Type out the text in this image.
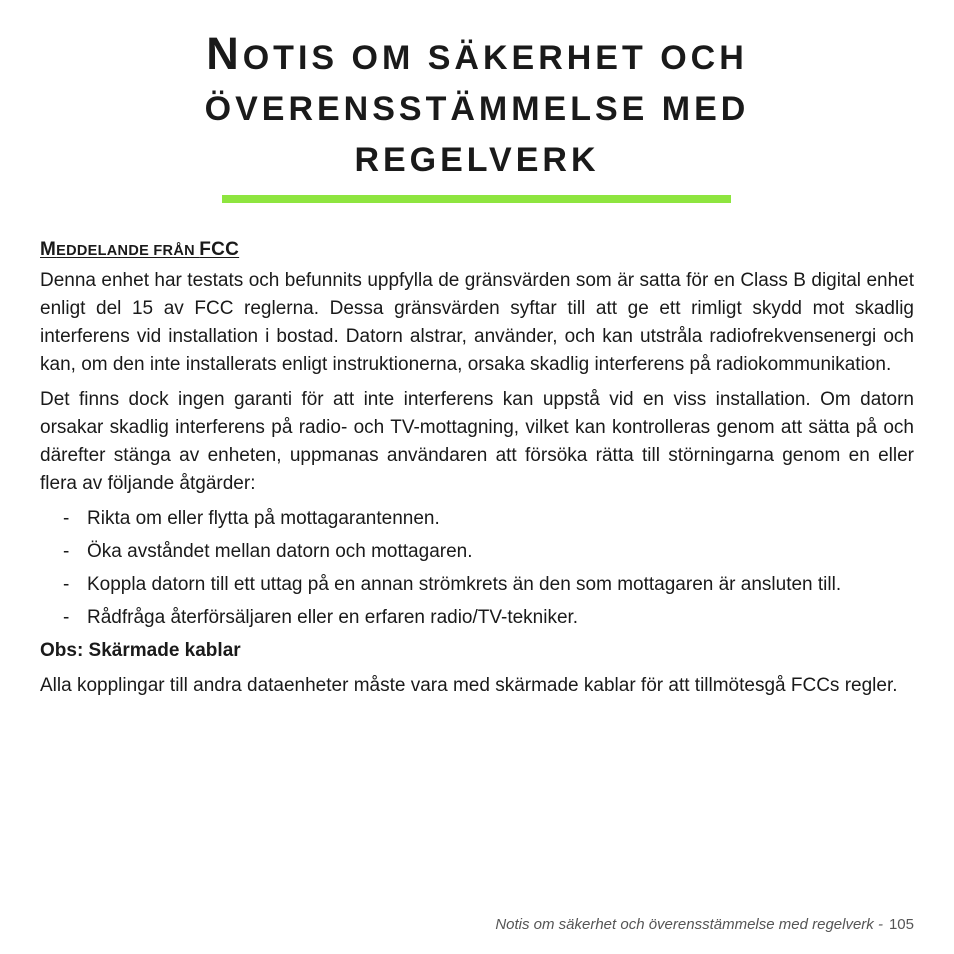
NOTIS OM SÄKERHET OCH
ÖVERENSSTÄMMELSE MED
REGELVERK
MEDDELANDE FRÅN FCC

Denna enhet har testats och befunnits uppfylla de gränsvärden som är satta för en Class B digital enhet enligt del 15 av FCC reglerna. Dessa gränsvärden syftar till att ge ett rimligt skydd mot skadlig interferens vid installation i bostad. Datorn alstrar, använder, och kan utstråla radiofrekvensenergi och kan, om den inte installerats enligt instruktionerna, orsaka skadlig interferens på radiokommunikation.

Det finns dock ingen garanti för att inte interferens kan uppstå vid en viss installation. Om datorn orsakar skadlig interferens på radio- och TV-mottagning, vilket kan kontrolleras genom att sätta på och därefter stänga av enheten, uppmanas användaren att försöka rätta till störningarna genom en eller flera av följande åtgärder:

- Rikta om eller flytta på mottagarantennen.
- Öka avståndet mellan datorn och mottagaren.
- Koppla datorn till ett uttag på en annan strömkrets än den som mottagaren är ansluten till.
- Rådfråga återförsäljaren eller en erfaren radio/TV-tekniker.
Obs: Skärmade kablar

Alla kopplingar till andra dataenheter måste vara med skärmade kablar för att tillmötesgå FCCs regler.

Notis om säkerhet och överensstämmelse med regelverk - 105
